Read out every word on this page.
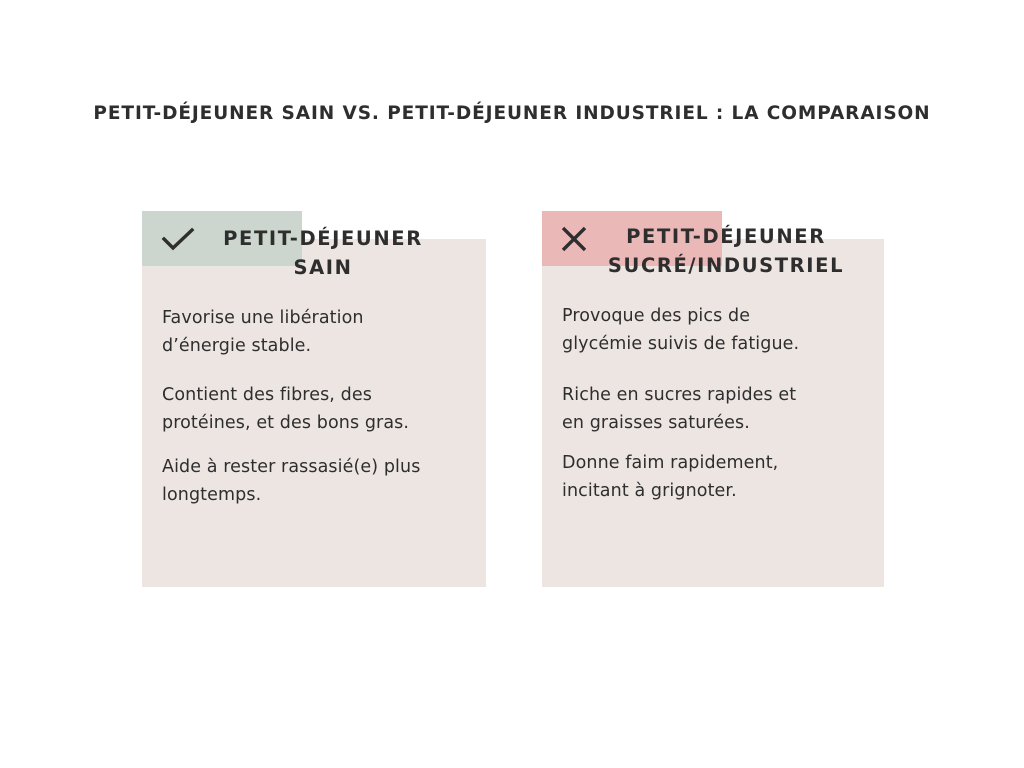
PETIT-DÉJEUNER SAIN VS. PETIT-DÉJEUNER INDUSTRIEL : LA COMPARAISON
PETIT-DÉJEUNER
SAIN
Favorise une libération
d’énergie stable.
Contient des fibres, des
protéines, et des bons gras.
Aide à rester rassasié(e) plus
longtemps.
PETIT-DÉJEUNER
SUCRÉ/INDUSTRIEL
Provoque des pics de
glycémie suivis de fatigue.
Riche en sucres rapides et
en graisses saturées.
Donne faim rapidement,
incitant à grignoter.
